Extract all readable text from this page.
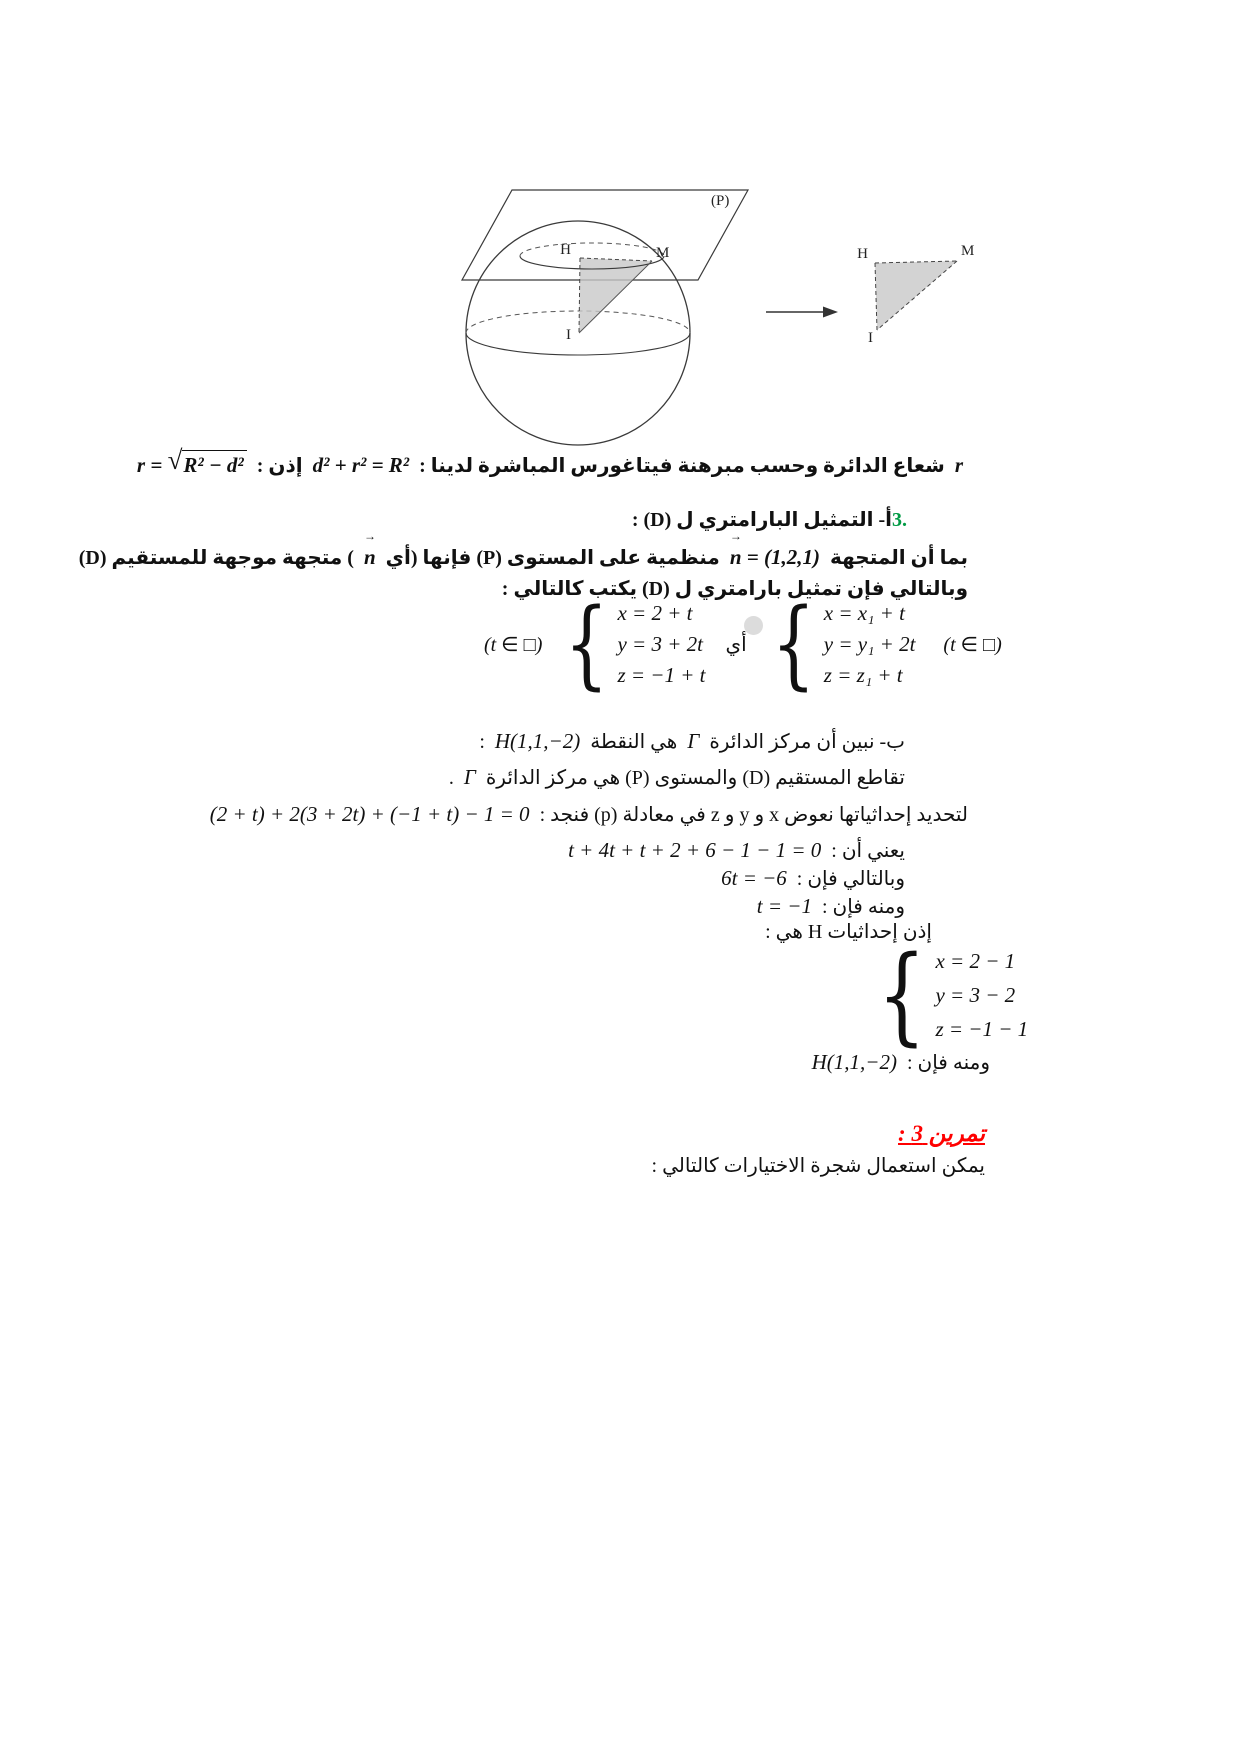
(P)
H	M
I
H	M
I
r شعاع الدائرة وحسب مبرهنة فيتاغورس المباشرة لدينا : d² + r² = R² إذن : r = √ R² − d²
3.أ- التمثيل البارامتري ل (D) :
بما أن المتجهة
→
n = (1,2,1) منظمية على المستوى (P) فإنها (أي
→
n ) متجهة موجهة للمستقيم (D)
وبالتالي فإن تمثيل بارامتري ل (D) يكتب كالتالي :
(t ∈ □) { x = 2 + t
y = 3 + 2t
z = −1 + t
أي { x = x₁ + t
y = y₁ + 2t
z = z₁ + t
(t ∈ □)
ب- نبين أن مركز الدائرة Γ هي النقطة H(1,1,−2) :
تقاطع المستقيم (D) والمستوى (P) هي مركز الدائرة Γ .
لتحديد إحداثياتها نعوض x و y و z في معادلة (p) فنجد : (2 + t) + 2(3 + 2t) + (−1 + t) − 1 = 0
يعني أن : t + 4t + t + 2 + 6 − 1 − 1 = 0
وبالتالي فإن : 6t = −6
ومنه فإن : t = −1
إذن إحداثيات H هي :
{ x = 2 − 1
y = 3 − 2
z = −1 − 1
ومنه فإن : H(1,1,−2)
تمرين 3 :
يمكن استعمال شجرة الاختيارات كالتالي :
